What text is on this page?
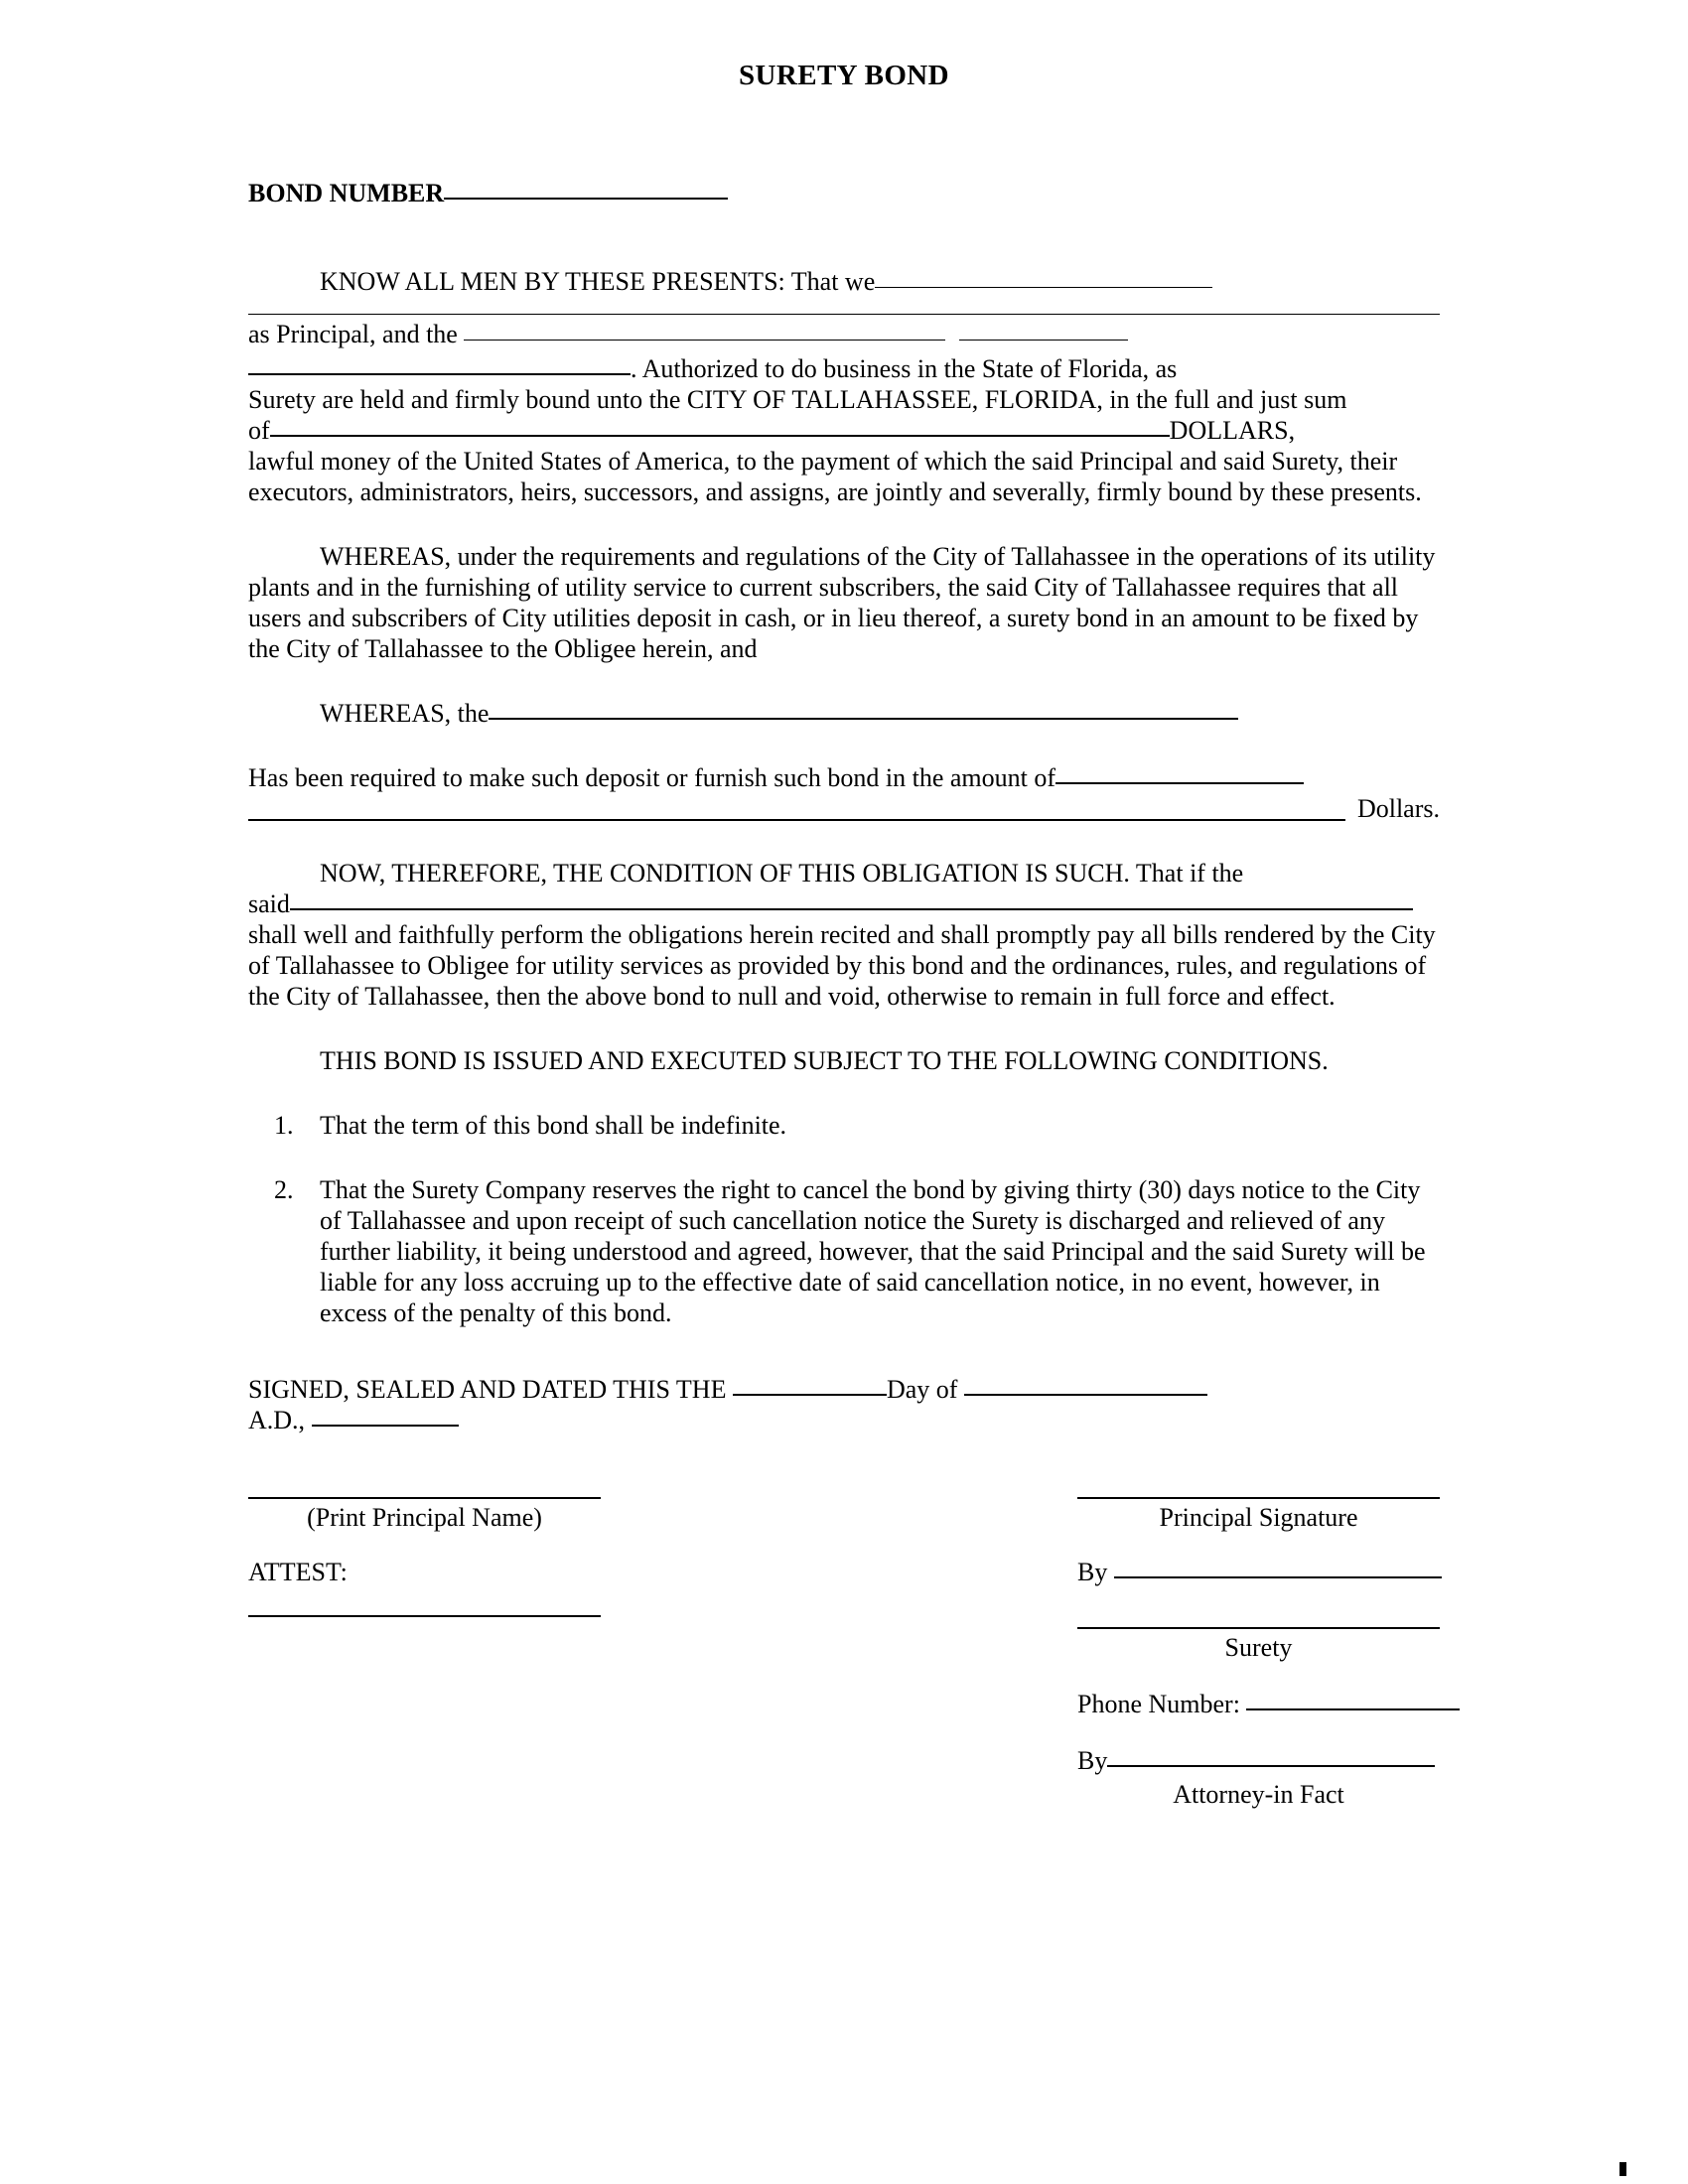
SURETY BOND
BOND NUMBER
KNOW ALL MEN BY THESE PRESENTS: That we
as Principal, and the
. Authorized to do business in the State of Florida, as
Surety are held and firmly bound unto the CITY OF TALLAHASSEE, FLORIDA, in the full and just sum
of	DOLLARS,
lawful money of the United States of America, to the payment of which the said Principal and said Surety, their executors, administrators, heirs, successors, and assigns, are jointly and severally, firmly bound by these presents.
WHEREAS, under the requirements and regulations of the City of Tallahassee in the operations of its utility plants and in the furnishing of utility service to current subscribers, the said City of Tallahassee requires that all users and subscribers of City utilities deposit in cash, or in lieu thereof, a surety bond in an amount to be fixed by the City of Tallahassee to the Obligee herein, and
WHEREAS, the
Has been required to make such deposit or furnish such bond in the amount of
Dollars.
NOW, THEREFORE, THE CONDITION OF THIS OBLIGATION IS SUCH. That if the
said
shall well and faithfully perform the obligations herein recited and shall promptly pay all bills rendered by the City of Tallahassee to Obligee for utility services as provided by this bond and the ordinances, rules, and regulations of the City of Tallahassee, then the above bond to null and void, otherwise to remain in full force and effect.
THIS BOND IS ISSUED AND EXECUTED SUBJECT TO THE FOLLOWING CONDITIONS.
1.	That the term of this bond shall be indefinite.
2.	That the Surety Company reserves the right to cancel the bond by giving thirty (30) days notice to the City of Tallahassee and upon receipt of such cancellation notice the Surety is discharged and relieved of any further liability, it being understood and agreed, however, that the said Principal and the said Surety will be liable for any loss accruing up to the effective date of said cancellation notice, in no event, however, in excess of the penalty of this bond.
SIGNED, SEALED AND DATED THIS THE	Day of
A.D.,
(Print Principal Name)	Principal Signature
ATTEST:	By
Surety
Phone Number:
By
Attorney-in Fact
